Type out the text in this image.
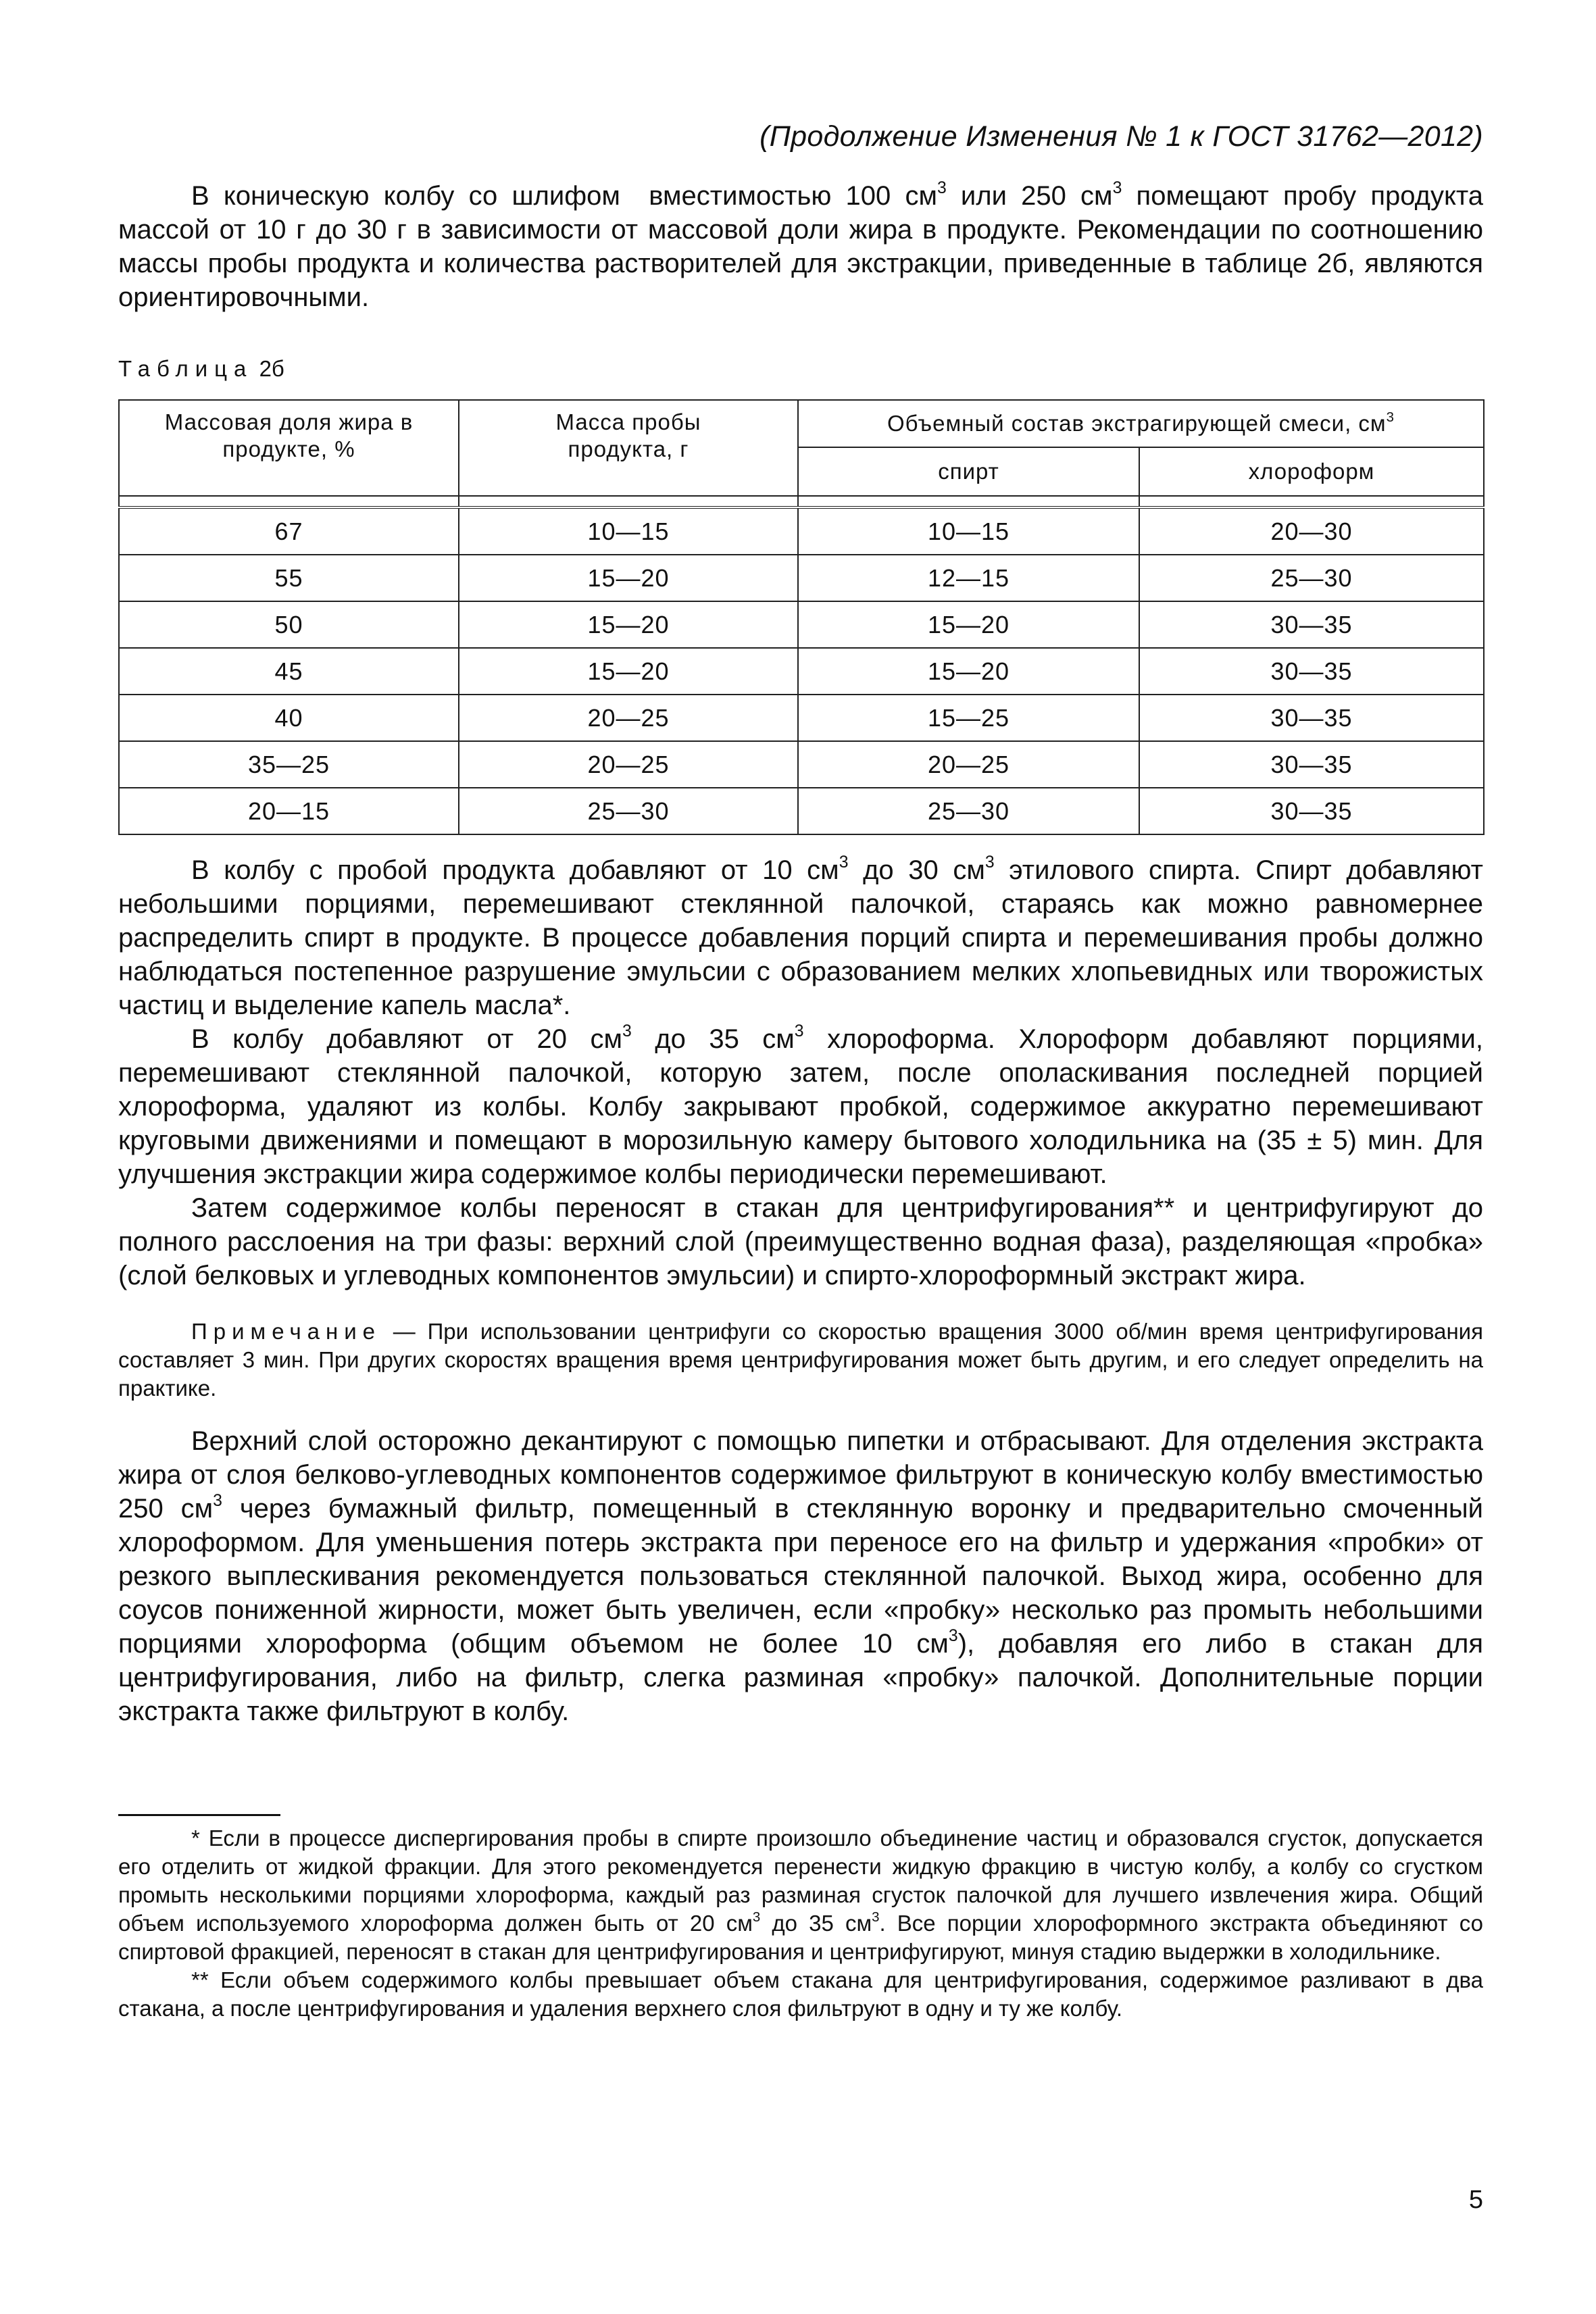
(Продолжение Изменения № 1 к ГОСТ 31762—2012)

В коническую колбу со шлифом  вместимостью 100 $см^3$ или 250 $см^3$ помещают пробу продукта массой от 10 г до 30 г в зависимости от массовой доли жира в продукте. Рекомендации по соотношению массы пробы продукта и количества растворителей для экстракции, приведенные в таблице 2б, являются ориентировочными.

Таблица 2б
Массовая доля жира в продукте, %	Масса пробы продукта, г	Объемный состав экстрагирующей смеси, $см^3$
		спирт	хлороформ

67	10—15	10—15	20—30
55	15—20	12—15	25—30
50	15—20	15—20	30—35
45	15—20	15—20	30—35
40	20—25	15—25	30—35
35—25	20—25	20—25	30—35
20—15	25—30	25—30	30—35

В колбу с пробой продукта добавляют от 10 $см^3$ до 30 $см^3$ этилового спирта. Спирт добавляют небольшими порциями, перемешивают стеклянной палочкой, стараясь как можно равномернее распределить спирт в продукте. В процессе добавления порций спирта и перемешивания пробы должно наблюдаться постепенное разрушение эмульсии с образованием мелких хлопьевидных или творожистых частиц и выделение капель масла*.

В колбу добавляют от 20 $см^3$ до 35 $см^3$ хлороформа. Хлороформ добавляют порциями, перемешивают стеклянной палочкой, которую затем, после ополаскивания последней порцией хлороформа, удаляют из колбы. Колбу закрывают пробкой, содержимое аккуратно перемешивают круговыми движениями и помещают в морозильную камеру бытового холодильника на (35 ± 5) мин. Для улучшения экстракции жира содержимое колбы периодически перемешивают.

Затем содержимое колбы переносят в стакан для центрифугирования** и центрифугируют до полного расслоения на три фазы: верхний слой (преимущественно водная фаза), разделяющая «пробка» (слой белковых и углеводных компонентов эмульсии) и спирто-хлороформный экстракт жира.

Примечание — При использовании центрифуги со скоростью вращения 3000 об/мин время центрифугирования составляет 3 мин. При других скоростях вращения время центрифугирования может быть другим, и его следует определить на практике.

Верхний слой осторожно декантируют с помощью пипетки и отбрасывают. Для отделения экстракта жира от слоя белково-углеводных компонентов содержимое фильтруют в коническую колбу вместимостью 250 $см^3$ через бумажный фильтр, помещенный в стеклянную воронку и предварительно смоченный хлороформом. Для уменьшения потерь экстракта при переносе его на фильтр и удержания «пробки» от резкого выплескивания рекомендуется пользоваться стеклянной палочкой. Выход жира, особенно для соусов пониженной жирности, может быть увеличен, если «пробку» несколько раз промыть небольшими порциями хлороформа (общим объемом не более 10 $см^3$), добавляя его либо в стакан для центрифугирования, либо на фильтр, слегка разминая «пробку» палочкой. Дополнительные порции экстракта также фильтруют в колбу.

* Если в процессе диспергирования пробы в спирте произошло объединение частиц и образовался сгусток, допускается его отделить от жидкой фракции. Для этого рекомендуется перенести жидкую фракцию в чистую колбу, а колбу со сгустком промыть несколькими порциями хлороформа, каждый раз разминая сгусток палочкой для лучшего извлечения жира. Общий объем используемого хлороформа должен быть от 20 $см^3$ до 35 $см^3$. Все порции хлороформного экстракта объединяют со спиртовой фракцией, переносят в стакан для центрифугирования и центрифугируют, минуя стадию выдержки в холодильнике.

** Если объем содержимого колбы превышает объем стакана для центрифугирования, содержимое разливают в два стакана, а после центрифугирования и удаления верхнего слоя фильтруют в одну и ту же колбу.

5
